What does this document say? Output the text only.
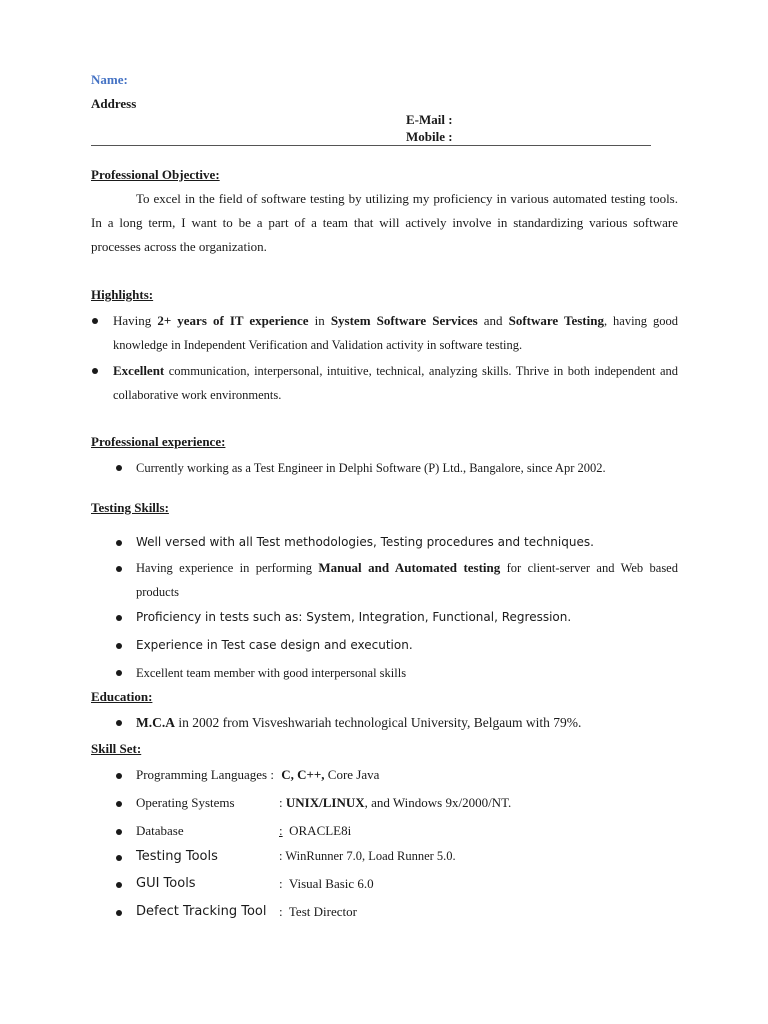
Name:
Address
E-Mail :
Mobile :
Professional Objective:
To excel in the field of software testing by utilizing my proficiency in various automated testing tools. In a long term, I want to be a part of a team that will actively involve in standardizing various software processes across the organization.
Highlights:
Having 2+ years of IT experience in System Software Services and Software Testing, having good knowledge in Independent Verification and Validation activity in software testing.
Excellent communication, interpersonal, intuitive, technical, analyzing skills. Thrive in both independent and collaborative work environments.
Professional experience:
Currently working as a Test Engineer in Delphi Software (P) Ltd., Bangalore, since Apr 2002.
Testing Skills:
Well versed with all Test methodologies, Testing procedures and techniques.
Having experience in performing Manual and Automated testing for client-server and Web based products
Proficiency in tests such as: System, Integration, Functional, Regression.
Experience in Test case design and execution.
Excellent team member with good interpersonal skills
Education:
M.C.A in 2002 from Visveshwariah technological University, Belgaum with 79%.
Skill Set:
Programming Languages : C, C++, Core Java
Operating Systems	: UNIX/LINUX, and Windows 9x/2000/NT.
Database	:  ORACLE8i
Testing Tools	: WinRunner 7.0, Load Runner 5.0.
GUI Tools	:  Visual Basic 6.0
Defect Tracking Tool :  Test Director
